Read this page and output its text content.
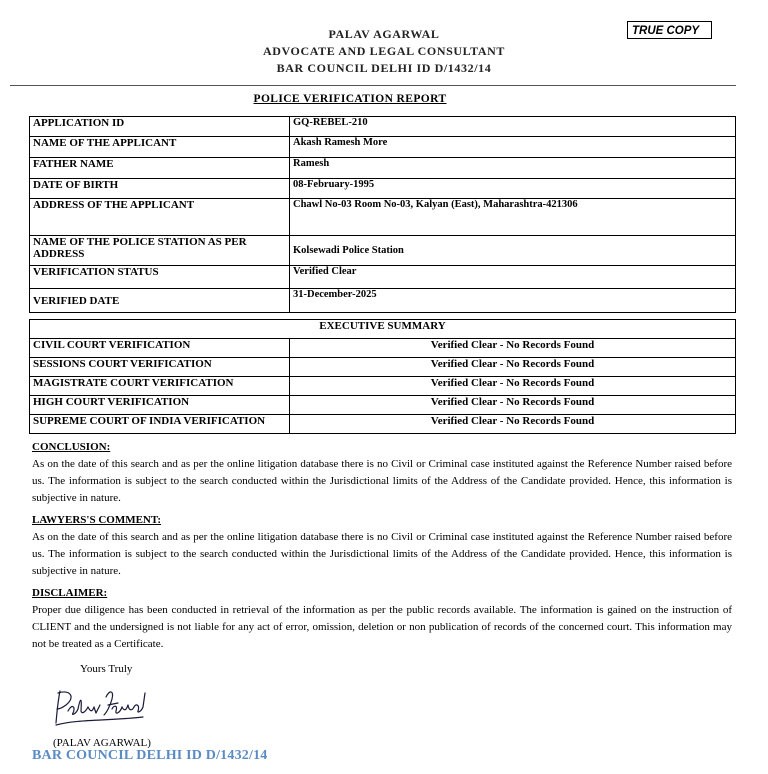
PALAV AGARWAL
ADVOCATE AND LEGAL CONSULTANT
BAR COUNCIL DELHI ID D/1432/14
TRUE COPY
POLICE VERIFICATION REPORT
APPLICATION ID	GQ-REBEL-210
NAME OF THE APPLICANT	Akash Ramesh More
FATHER NAME	Ramesh
DATE OF BIRTH	08-February-1995
ADDRESS OF THE APPLICANT	Chawl No-03 Room No-03, Kalyan (East), Maharashtra-421306
NAME OF THE POLICE STATION AS PER ADDRESS	Kolsewadi Police Station
VERIFICATION STATUS	Verified Clear
VERIFIED DATE	31-December-2025
EXECUTIVE SUMMARY	
CIVIL COURT VERIFICATION	Verified Clear - No Records Found
SESSIONS COURT VERIFICATION	Verified Clear - No Records Found
MAGISTRATE COURT VERIFICATION	Verified Clear - No Records Found
HIGH COURT VERIFICATION	Verified Clear - No Records Found
SUPREME COURT OF INDIA VERIFICATION	Verified Clear - No Records Found

CONCLUSION:

As on the date of this search and as per the online litigation database there is no Civil or Criminal case instituted against the Reference Number raised before us. The information is subject to the search conducted within the Jurisdictional limits of the Address of the Candidate provided. Hence, this information is subjective in nature.

LAWYERS'S COMMENT:

As on the date of this search and as per the online litigation database there is no Civil or Criminal case instituted against the Reference Number raised before us. The information is subject to the search conducted within the Jurisdictional limits of the Address of the Candidate provided. Hence, this information is subjective in nature.

DISCLAIMER:

Proper due diligence has been conducted in retrieval of the information as per the public records available. The information is gained on the instruction of CLIENT and the undersigned is not liable for any act of error, omission, deletion or non publication of records of the concerned court. This information may not be treated as a Certificate.

Yours Truly
(PALAV AGARWAL)
BAR COUNCIL DELHI ID D/1432/14
